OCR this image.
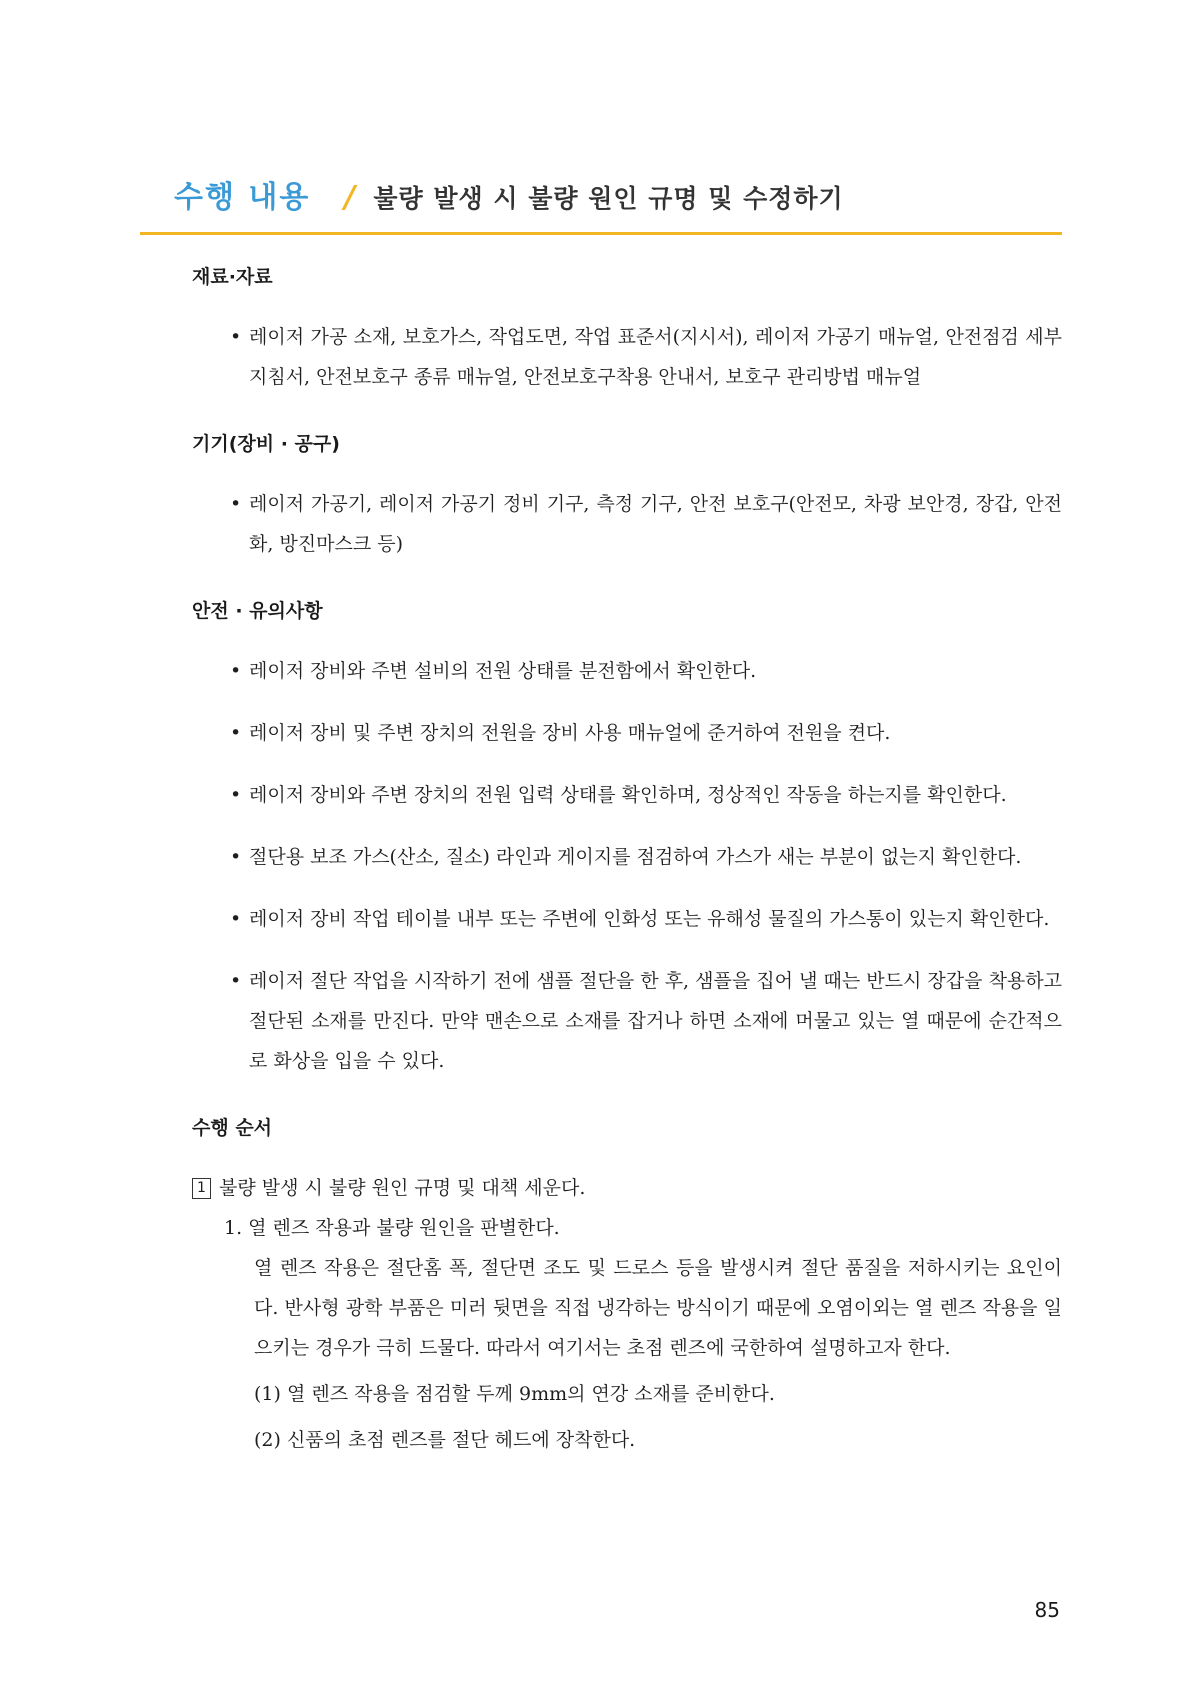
수행 내용 / 불량 발생 시 불량 원인 규명 및 수정하기
재료·자료
• 레이저 가공 소재, 보호가스, 작업도면, 작업 표준서(지시서), 레이저 가공기 매뉴얼, 안전점검 세부지침서, 안전보호구 종류 매뉴얼, 안전보호구착용 안내서, 보호구 관리방법 매뉴얼
기기(장비 · 공구)
• 레이저 가공기, 레이저 가공기 정비 기구, 측정 기구, 안전 보호구(안전모, 차광 보안경, 장갑, 안전화, 방진마스크 등)
안전 · 유의사항
• 레이저 장비와 주변 설비의 전원 상태를 분전함에서 확인한다.
• 레이저 장비 및 주변 장치의 전원을 장비 사용 매뉴얼에 준거하여 전원을 켠다.
• 레이저 장비와 주변 장치의 전원 입력 상태를 확인하며, 정상적인 작동을 하는지를 확인한다.
• 절단용 보조 가스(산소, 질소) 라인과 게이지를 점검하여 가스가 새는 부분이 없는지 확인한다.
• 레이저 장비 작업 테이블 내부 또는 주변에 인화성 또는 유해성 물질의 가스통이 있는지 확인한다.
• 레이저 절단 작업을 시작하기 전에 샘플 절단을 한 후, 샘플을 집어 낼 때는 반드시 장갑을 착용하고 절단된 소재를 만진다. 만약 맨손으로 소재를 잡거나 하면 소재에 머물고 있는 열 때문에 순간적으로 화상을 입을 수 있다.
수행 순서
1 불량 발생 시 불량 원인 규명 및 대책 세운다.
1. 열 렌즈 작용과 불량 원인을 판별한다.
열 렌즈 작용은 절단홈 폭, 절단면 조도 및 드로스 등을 발생시켜 절단 품질을 저하시키는 요인이다. 반사형 광학 부품은 미러 뒷면을 직접 냉각하는 방식이기 때문에 오염이외는 열 렌즈 작용을 일으키는 경우가 극히 드물다. 따라서 여기서는 초점 렌즈에 국한하여 설명하고자 한다.
(1) 열 렌즈 작용을 점검할 두께 9mm의 연강 소재를 준비한다.
(2) 신품의 초점 렌즈를 절단 헤드에 장착한다.
85
